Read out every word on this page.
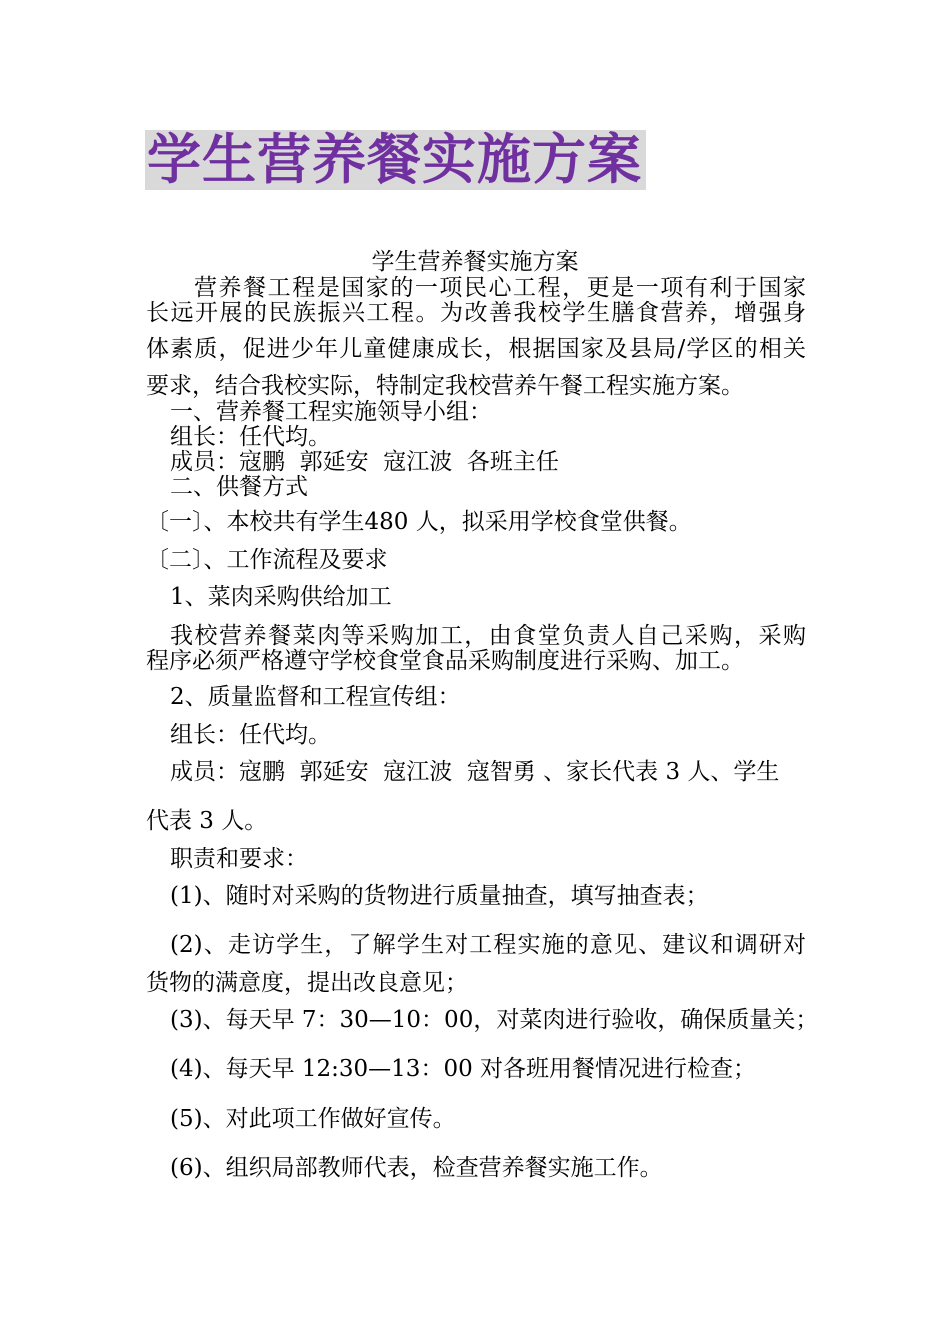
学生营养餐实施方案
学生营养餐实施方案
营养餐工程是国家的一项民心工程，更是一项有利于国家
长远开展的民族振兴工程。为改善我校学生膳食营养，增强身
体素质，促进少年儿童健康成长，根据国家及县局/学区的相关
要求，结合我校实际，特制定我校营养午餐工程实施方案。
一、营养餐工程实施领导小组：
组长：任代均。
成员：寇鹏  郭延安  寇江波  各班主任
二、供餐方式
〔一〕、本校共有学生480 人，拟采用学校食堂供餐。
〔二〕、工作流程及要求
1、菜肉采购供给加工
我校营养餐菜肉等采购加工，由食堂负责人自己采购，采购
程序必须严格遵守学校食堂食品采购制度进行采购、加工。
2、质量监督和工程宣传组：
组长：任代均。
成员：寇鹏  郭延安  寇江波  寇智勇 、家长代表 3 人、学生
代表 3 人。
职责和要求：
(1)、随时对采购的货物进行质量抽查，填写抽查表；
(2)、走访学生，了解学生对工程实施的意见、建议和调研对
货物的满意度，提出改良意见；
(3)、每天早 7：30—10：00，对菜肉进行验收，确保质量关；
(4)、每天早 12:30—13：00 对各班用餐情况进行检查；
(5)、对此项工作做好宣传。
(6)、组织局部教师代表，检查营养餐实施工作。
